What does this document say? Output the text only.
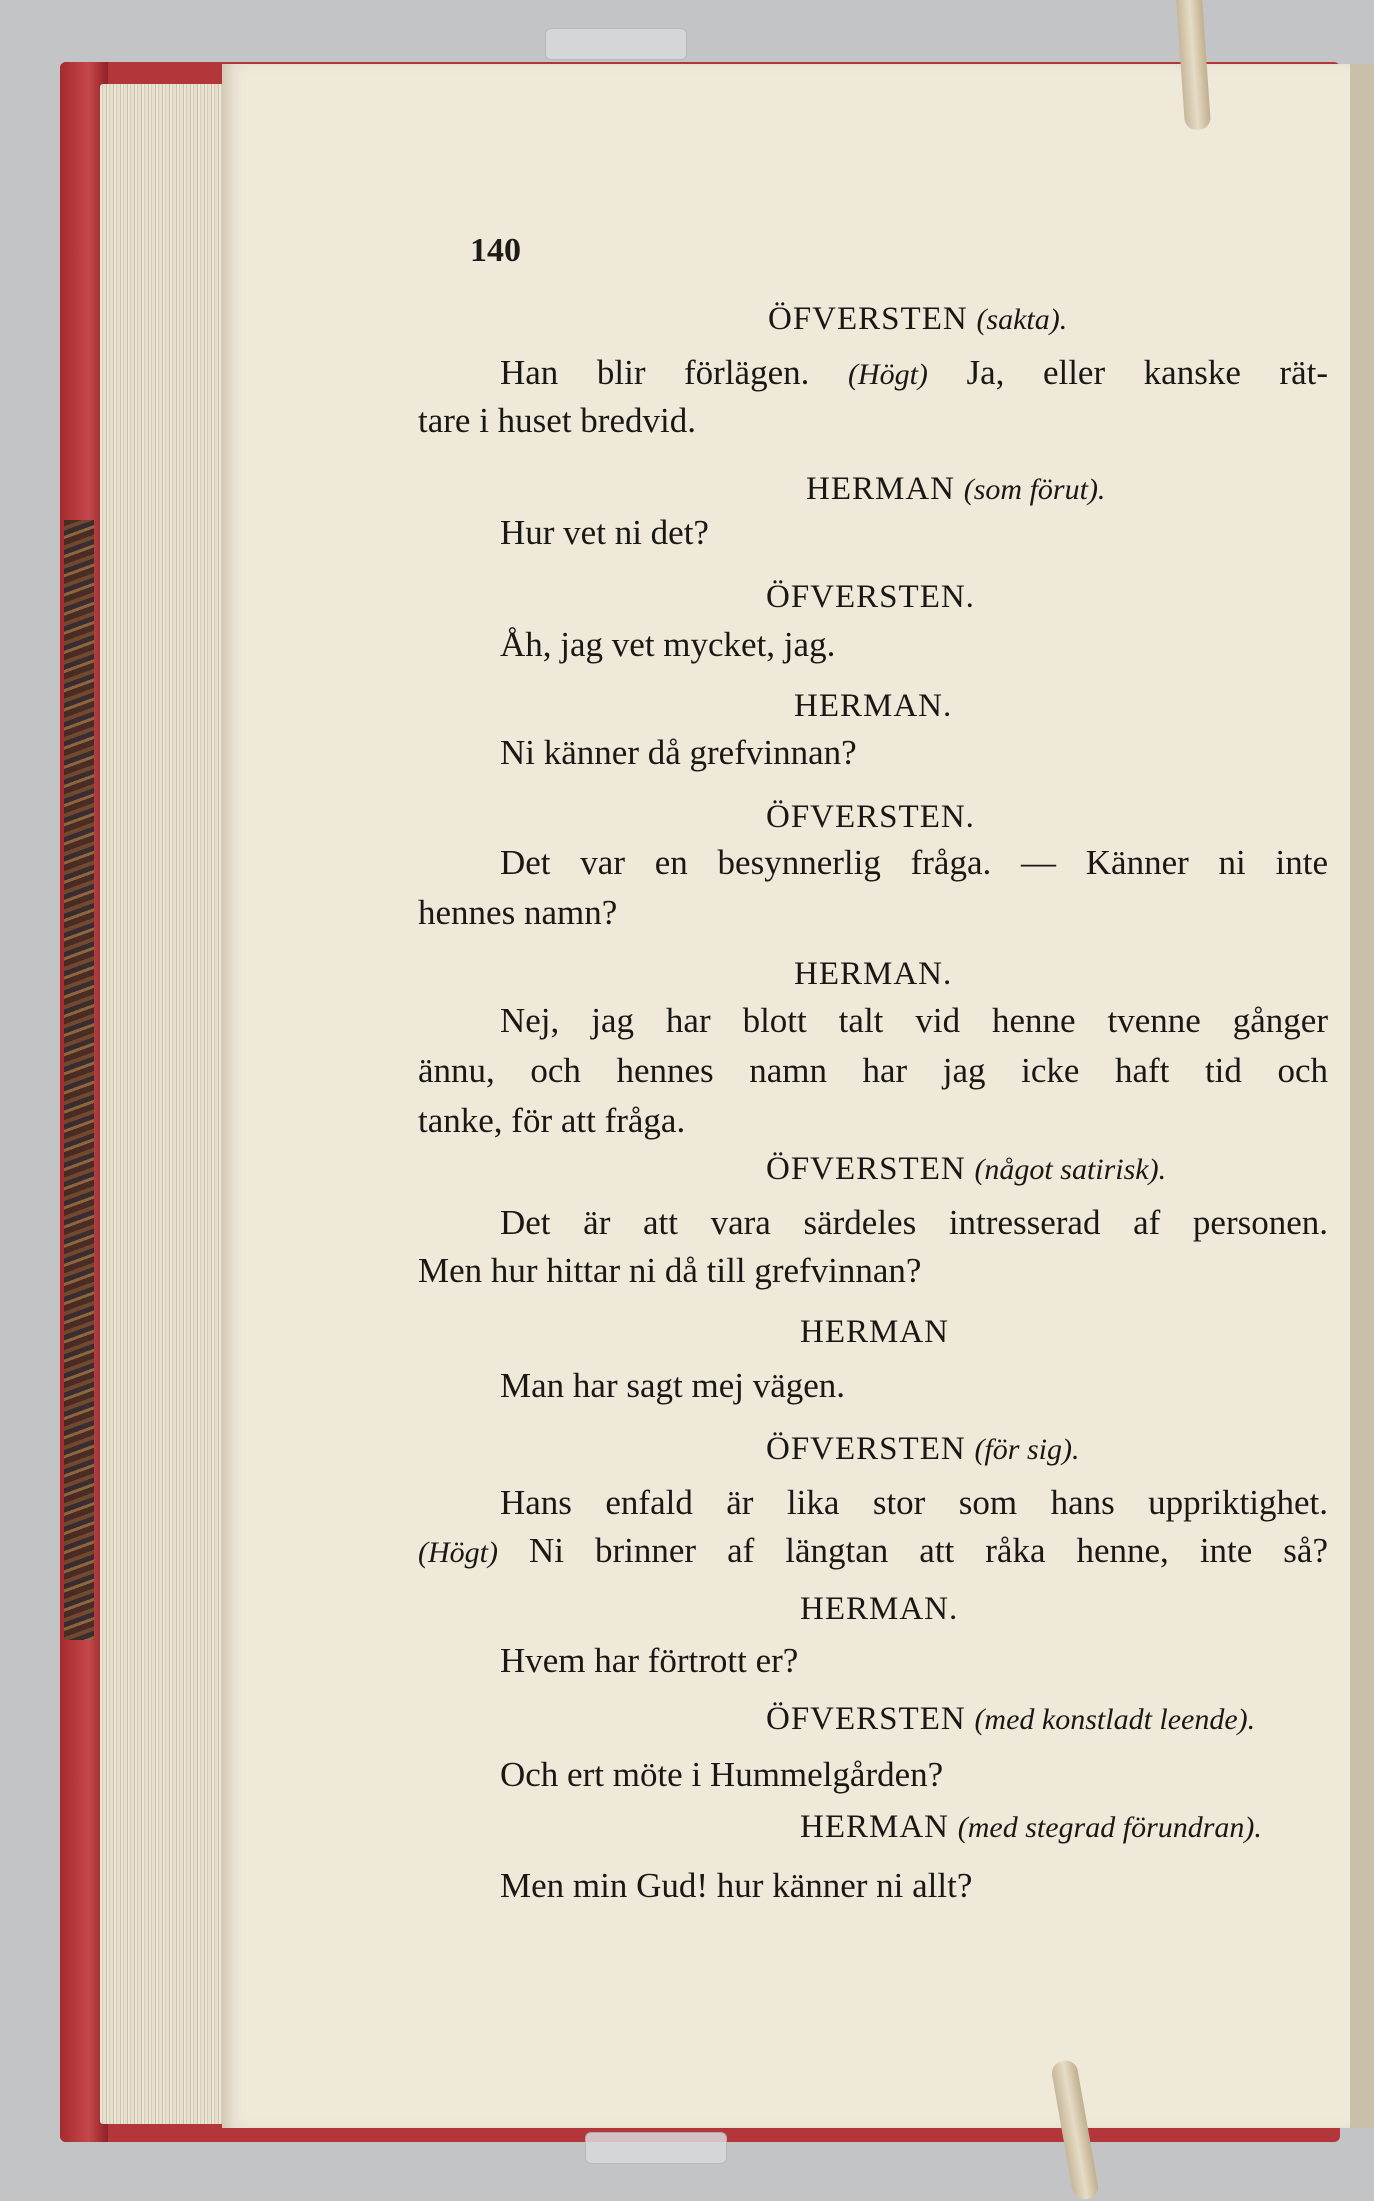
140
ÖFVERSTEN (sakta).
Han blir förlägen. (Högt) Ja, eller kanske rät-
tare i huset bredvid.
HERMAN (som förut).
Hur vet ni det?
ÖFVERSTEN.
Åh, jag vet mycket, jag.
HERMAN.
Ni känner då grefvinnan?
ÖFVERSTEN.
Det var en besynnerlig fråga. — Känner ni inte
hennes namn?
HERMAN.
Nej, jag har blott talt vid henne tvenne gånger
ännu, och hennes namn har jag icke haft tid och
tanke, för att fråga.
ÖFVERSTEN (något satirisk).
Det är att vara särdeles intresserad af personen.
Men hur hittar ni då till grefvinnan?
HERMAN
Man har sagt mej vägen.
ÖFVERSTEN (för sig).
Hans enfald är lika stor som hans uppriktighet.
(Högt) Ni brinner af längtan att råka henne, inte så?
HERMAN.
Hvem har förtrott er?
ÖFVERSTEN (med konstladt leende).
Och ert möte i Hummelgården?
HERMAN (med stegrad förundran).
Men min Gud! hur känner ni allt?
